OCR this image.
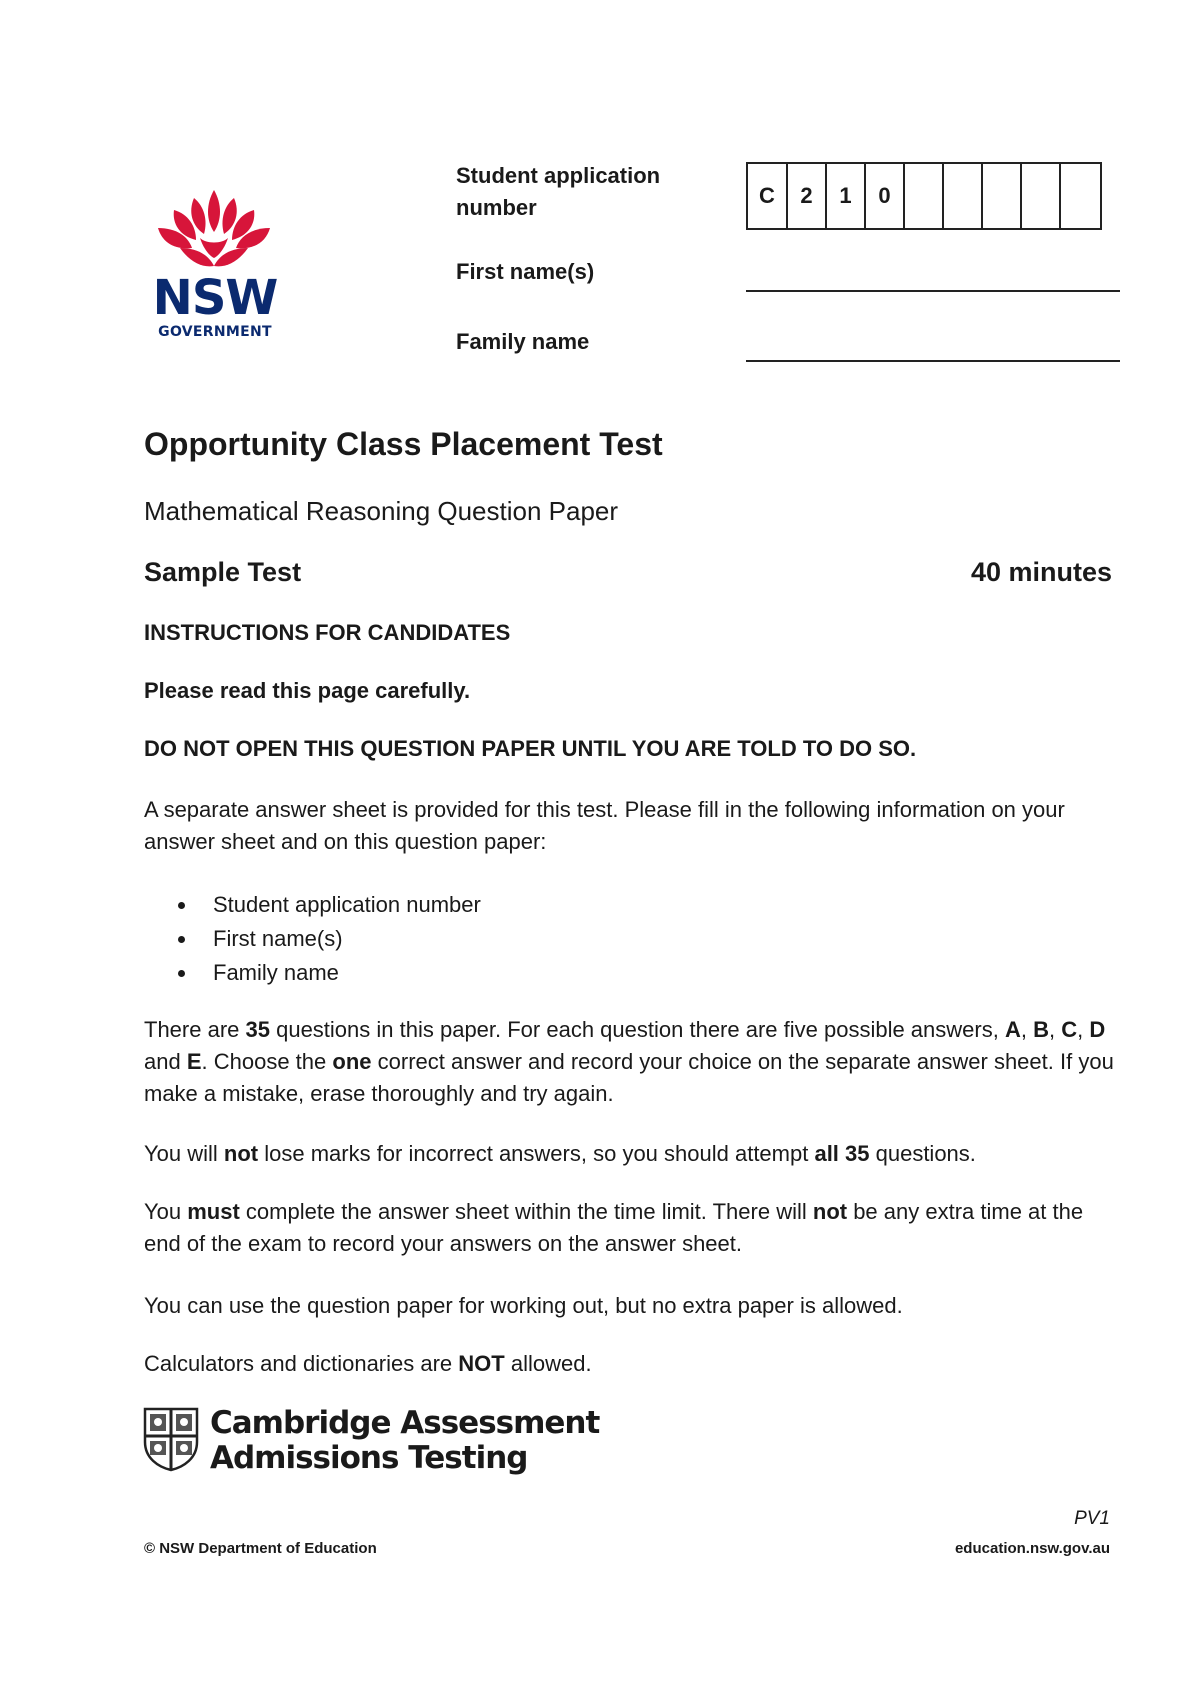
NSW
GOVERNMENT
Student application number	C	2	1	0
First name(s)
Family name
Opportunity Class Placement Test
Mathematical Reasoning Question Paper
Sample Test	40 minutes
INSTRUCTIONS FOR CANDIDATES
Please read this page carefully.
DO NOT OPEN THIS QUESTION PAPER UNTIL YOU ARE TOLD TO DO SO.
A separate answer sheet is provided for this test. Please fill in the following information on your answer sheet and on this question paper:
Student application number
First name(s)
Family name
There are 35 questions in this paper. For each question there are five possible answers, A, B, C, D and E. Choose the one correct answer and record your choice on the separate answer sheet. If you make a mistake, erase thoroughly and try again.
You will not lose marks for incorrect answers, so you should attempt all 35 questions.
You must complete the answer sheet within the time limit. There will not be any extra time at the end of the exam to record your answers on the answer sheet.
You can use the question paper for working out, but no extra paper is allowed.
Calculators and dictionaries are NOT allowed.
Cambridge Assessment
Admissions Testing
PV1
© NSW Department of Education	education.nsw.gov.au
